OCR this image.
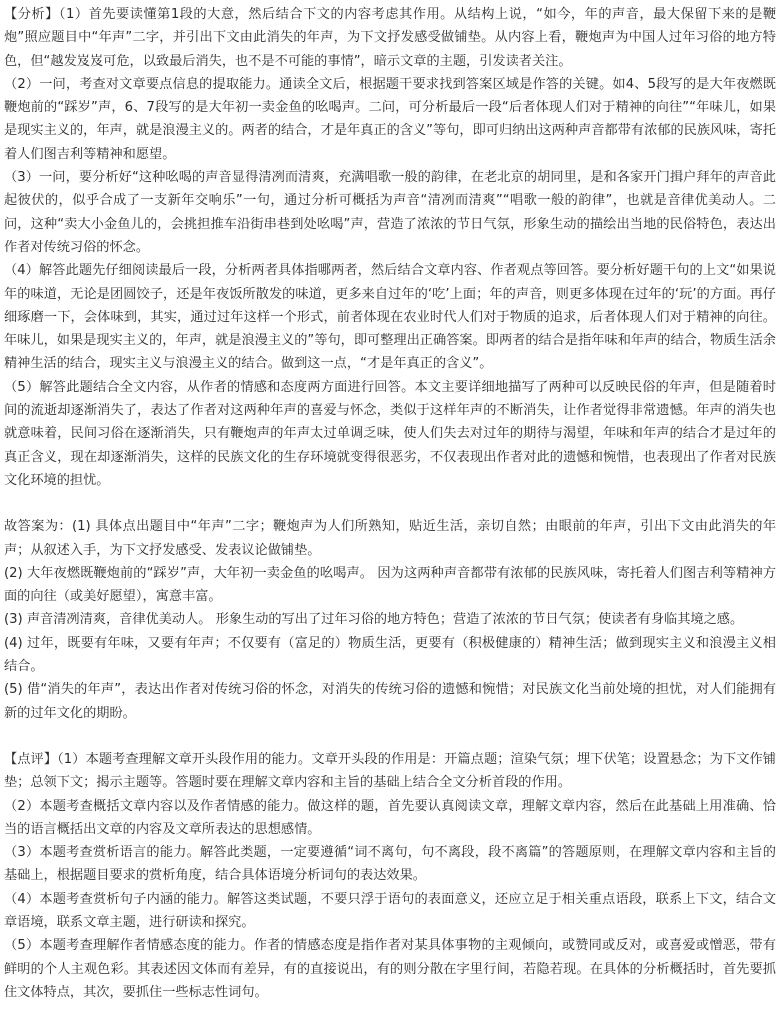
【分析】（1）首先要读懂第1段的大意，然后结合下文的内容考虑其作用。从结构上说，“如今，年的声音，最大保留下来的是鞭炮”照应题目中“年声”二字，并引出下文由此消失的年声，为下文抒发感受做铺垫。从内容上看，鞭炮声为中国人过年习俗的地方特色，但“越发岌岌可危，以致最后消失，也不是不可能的事情”，暗示文章的主题，引发读者关注。

（2）一问，考查对文章要点信息的提取能力。通读全文后，根据题干要求找到答案区域是作答的关键。如4、5段写的是大年夜燃既鞭炮前的“踩岁”声，6、7段写的是大年初一卖金鱼的吆喝声。二问，可分析最后一段“后者体现人们对于精神的向往”“年味儿，如果是现实主义的，年声，就是浪漫主义的。两者的结合，才是年真正的含义”等句，即可归纳出这两种声音都带有浓郁的民族风味，寄托着人们图吉利等精神和愿望。

（3）一问，要分析好“这种吆喝的声音显得清冽而清爽，充满唱歌一般的韵律，在老北京的胡同里，是和各家开门揖户拜年的声音此起彼伏的，似乎合成了一支新年交响乐”一句，通过分析可概括为声音“清冽而清爽”“唱歌一般的韵律”，也就是音律优美动人。二问，这种“卖大小金鱼儿的，会挑担推车沿街串巷到处吆喝”声，营造了浓浓的节日气氛，形象生动的描绘出当地的民俗特色，表达出作者对传统习俗的怀念。

（4）解答此题先仔细阅读最后一段，分析两者具体指哪两者，然后结合文章内容、作者观点等回答。要分析好题干句的上文“如果说年的味道，无论是团圆饺子，还是年夜饭所散发的味道，更多来自过年的‘吃’上面；年的声音，则更多体现在过年的‘玩’的方面。再仔细琢磨一下，会体味到，其实，通过过年这样一个形式，前者体现在农业时代人们对于物质的追求，后者体现人们对于精神的向往。年味儿，如果是现实主义的，年声，就是浪漫主义的”等句，即可整理出正确答案。即两者的结合是指年味和年声的结合，物质生活余精神生活的结合，现实主义与浪漫主义的结合。做到这一点，“才是年真正的含义”。

（5）解答此题结合全文内容，从作者的情感和态度两方面进行回答。本文主要详细地描写了两种可以反映民俗的年声，但是随着时间的流逝却逐渐消失了，表达了作者对这两种年声的喜爱与怀念，类似于这样年声的不断消失，让作者觉得非常遗憾。年声的消失也就意味着，民间习俗在逐渐消失，只有鞭炮声的年声太过单调乏味，使人们失去对过年的期待与渴望，年味和年声的结合才是过年的真正含义，现在却逐渐消失，这样的民族文化的生存环境就变得很恶劣，不仅表现出作者对此的遗憾和惋惜，也表现出了作者对民族文化环境的担忧。

故答案为：(1) 具体点出题目中“年声”二字；鞭炮声为人们所熟知，贴近生活，亲切自然；由眼前的年声，引出下文由此消失的年声；从叙述入手，为下文抒发感受、发表议论做铺垫。

(2) 大年夜燃既鞭炮前的“踩岁”声，大年初一卖金鱼的吆喝声。 因为这两种声音都带有浓郁的民族风味，寄托着人们图吉利等精神方面的向往（或美好愿望），寓意丰富。

(3) 声音清冽清爽，音律优美动人。 形象生动的写出了过年习俗的地方特色；营造了浓浓的节日气氛；使读者有身临其境之感。

(4) 过年，既要有年味，又要有年声；不仅要有（富足的）物质生活，更要有（积极健康的）精神生活；做到现实主义和浪漫主义相结合。

(5) 借“消失的年声”，表达出作者对传统习俗的怀念，对消失的传统习俗的遗憾和惋惜；对民族文化当前处境的担忧，对人们能拥有新的过年文化的期盼。

【点评】（1）本题考查理解文章开头段作用的能力。文章开头段的作用是：开篇点题；渲染气氛；埋下伏笔；设置悬念；为下文作铺垫；总领下文；揭示主题等。答题时要在理解文章内容和主旨的基础上结合全文分析首段的作用。

（2）本题考查概括文章内容以及作者情感的能力。做这样的题，首先要认真阅读文章，理解文章内容，然后在此基础上用准确、恰当的语言概括出文章的内容及文章所表达的思想感情。

（3）本题考查赏析语言的能力。解答此类题，一定要遵循“词不离句，句不离段，段不离篇”的答题原则，在理解文章内容和主旨的基础上，根据题目要求的赏析角度，结合具体语境分析词句的表达效果。

（4）本题考查赏析句子内涵的能力。解答这类试题，不要只浮于语句的表面意义，还应立足于相关重点语段，联系上下文，结合文章语境，联系文章主题，进行研读和探究。

（5）本题考查理解作者情感态度的能力。作者的情感态度是指作者对某具体事物的主观倾向，或赞同或反对，或喜爱或憎恶，带有鲜明的个人主观色彩。其表述因文体而有差异，有的直接说出，有的则分散在字里行间，若隐若现。在具体的分析概括时，首先要抓住文体特点，其次，要抓住一些标志性词句。
